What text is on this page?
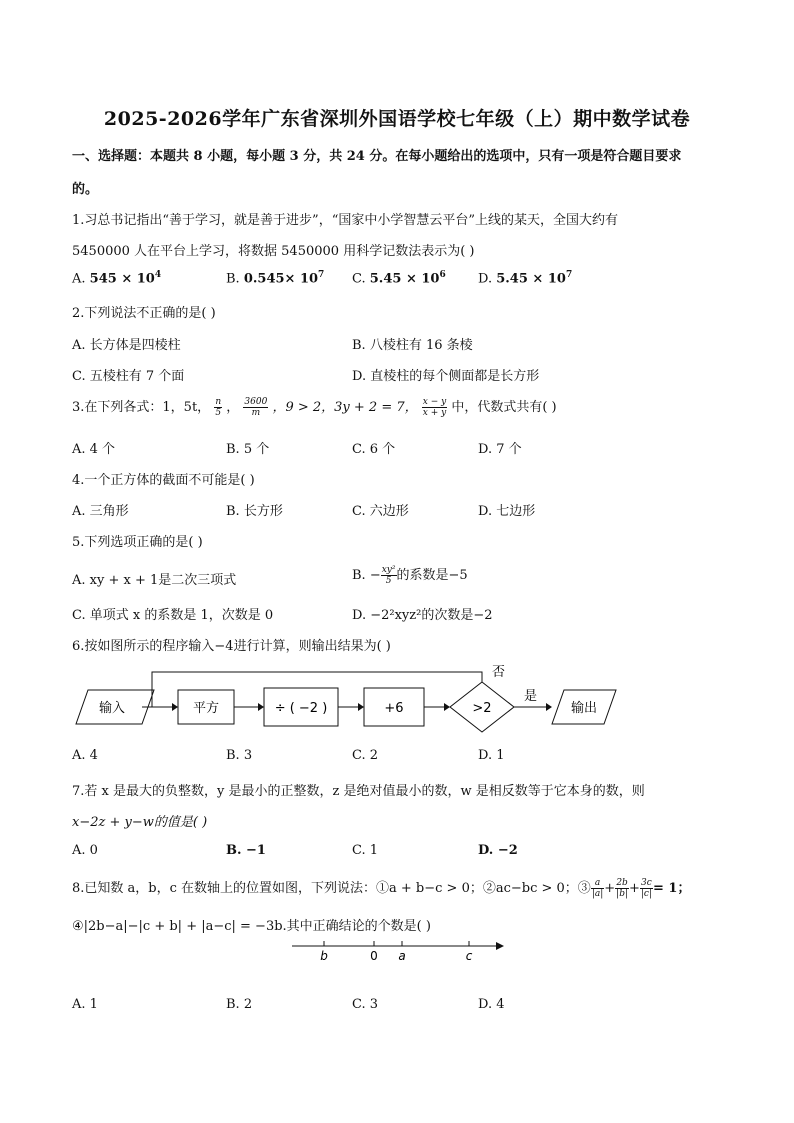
2025-2026学年广东省深圳外国语学校七年级（上）期中数学试卷
一、选择题：本题共 8 小题，每小题 3 分，共 24 分。在每小题给出的选项中，只有一项是符合题目要求
的。
1.习总书记指出“善于学习，就是善于进步”，“国家中小学智慧云平台”上线的某天，全国大约有
5450000 人在平台上学习，将数据 5450000 用科学记数法表示为( )
A. $545 \times 10^4$	B. $0.545\times 10^7$ C. $5.45 \times 10^6$ D. $5.45 \times 10^7$
2.下列说法不正确的是( )
A. 长方体是四棱柱	B. 八棱柱有 16 条棱
C. 五棱柱有 7 个面	D. 直棱柱的每个侧面都是长方形
3.在下列各式：1，5t， $\frac{n}{5}$ ， $\frac{3600}{m}$ ，9 > 2，3y + 2 = 7， $\frac{x - y}{x + y}$ 中，代数式共有( )
A. 4 个	B. 5 个	C. 6 个	D. 7 个
4.一个正方体的截面不可能是( )
A. 三角形	B. 长方形	C. 六边形	D. 七边形
5.下列选项正确的是( )
A. xy + x + 1是二次三项式	B. − $\frac{\text{xy²}}{5}$ 的系数是−5
C. 单项式 x 的系数是 1，次数是 0	D. −2²xyz²的次数是−2
6.按如图所示的程序输入−4进行计算，则输出结果为( )
输入	平方	÷ ( −2 )	+6	>2
否
是
输出
A. 4	B. 3	C. 2	D. 1
7.若 x 是最大的负整数，y 是最小的正整数，z 是绝对值最小的数，w 是相反数等于它本身的数，则
x−2z + y−w的值是( )
A. 0	B. −1	C. 1	D. −2
8.已知数 a，b，c 在数轴上的位置如图，下列说法：①a + b−c > 0；②ac−bc > 0；③ $\frac{a}{|a|} + \frac{2b}{|b|} + \frac{3c}{|c|} = 1$；
④|2b−a|−|c + b| + |a−c| = −3b.其中正确结论的个数是( )
b	0 a	c
A. 1	B. 2	C. 3	D. 4
